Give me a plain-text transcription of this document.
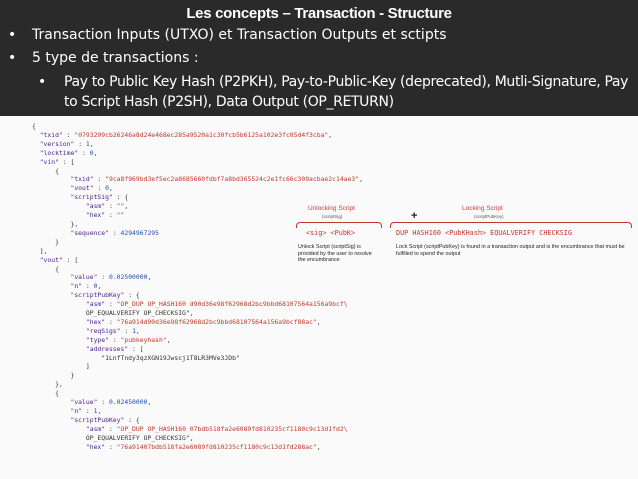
Les concepts – Transaction - Structure
• Transaction Inputs (UTXO) et Transaction Outputs et sctipts
• 5 type de transactions :
• Pay to Public Key Hash (P2PKH), Pay-to-Public-Key (deprecated), Mutli-Signature, Pay to Script Hash (P2SH), Data Output (OP_RETURN)
{
"txid" : "0793299cb26246a8d24e468ec285a9520a1c30fcb5b6125a102e3fc05d4f3cba",
"version" : 1,
"locktime" : 0,
"vin" : [
{
"txid" : "9ca8f969bd3ef5ec2a8685660fdbf7a8bd365524c2e1fc66c309acbae2c14ae3",
"vout" : 0,
"scriptSig" : {
"asm" : "",
"hex" : ""
},
"sequence" : 4294967295
}
],
"vout" : [
{
"value" : 0.02500000,
"n" : 0,
"scriptPubKey" : {
"asm" : "OP_DUP OP_HASH160 d90d36e98f62968d2bc9bbd68107564a156a9bcf\
OP_EQUALVERIFY OP_CHECKSIG",
"hex" : "76a914d90d36e98f62968d2bc9bbd68107564a156a9bcf88ac",
"reqSigs" : 1,
"type" : "pubkeyhash",
"addresses" : [
"1LnfTndy3qzXGN19Jwscj1T8LR3MVe3JDb"
]
}
},
{
"value" : 0.02450000,
"n" : 1,
"scriptPubKey" : {
"asm" : "OP_DUP OP_HASH160 07bdb518fa2e6089fd810235cf1180c9c13d1fd2\
OP_EQUALVERIFY OP_CHECKSIG",
"hex" : "76a91407bdb518fa2e6089fd810235cf1180c9c13d1fd288ac",
Unlocking Script
(scriptSig)	+
Locking Script
(scriptPubKey)
<sig> <PubK>	DUP HASH160 <PubKHash> EQUALVERIFY CHECKSIG
Unlock Script (scriptSig) is provided by the user to resolve the encumbrance
Lock Script (scriptPubKey) is found in a transaction output and is the encumbrance that must be fulfilled to spend the output
